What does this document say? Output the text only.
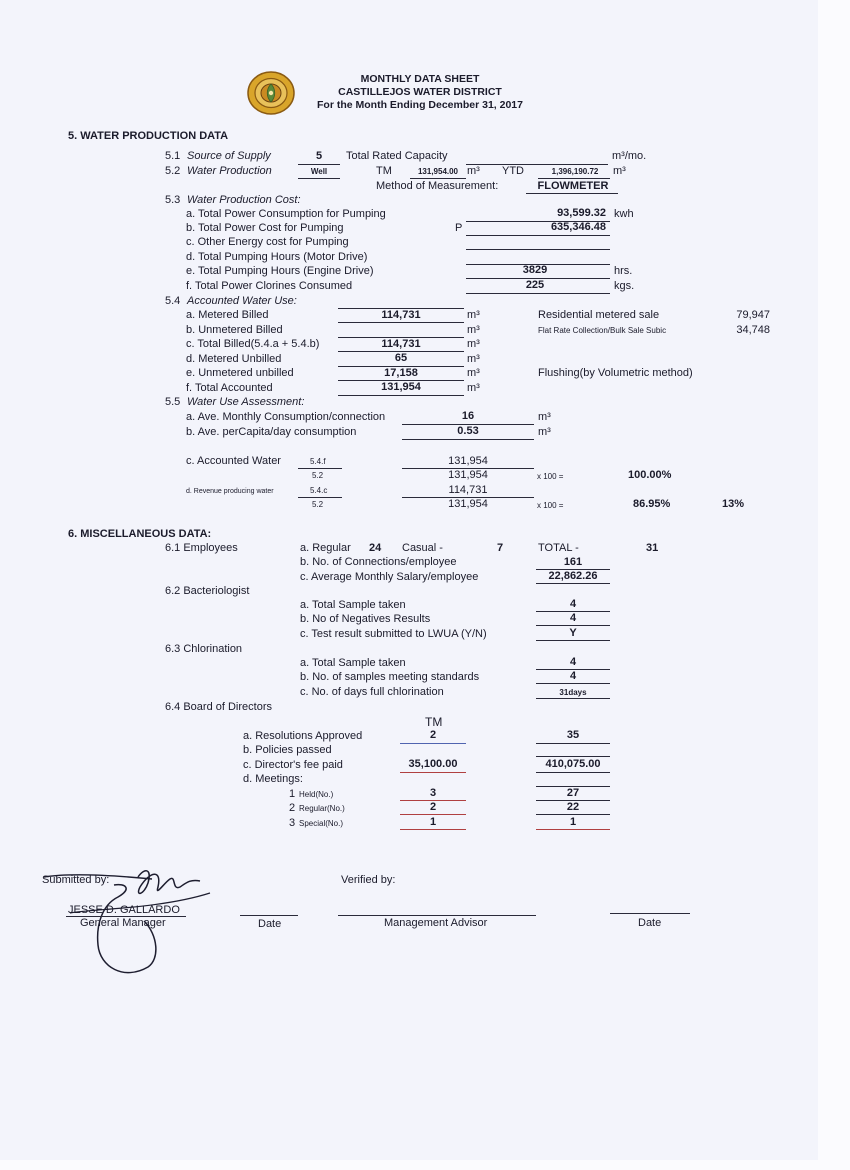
MONTHLY DATA SHEET
CASTILLEJOS WATER DISTRICT
For the Month Ending December 31, 2017
5. WATER PRODUCTION DATA
5.1 Source of Supply	5	Total Rated Capacity	m³/mo.
5.2 Water Production	Well	TM	131,954.00 m³ YTD	1,396,190.72	m³
Method of Measurement:	FLOWMETER
5.3 Water Production Cost:
a. Total Power Consumption for Pumping	93,599.32 kwh
b. Total Power Cost for Pumping	P	635,346.48
c. Other Energy cost for Pumping
d. Total Pumping Hours (Motor Drive)
e. Total Pumping Hours (Engine Drive)	3829	hrs.
f. Total Power Clorines Consumed	225	kgs.
5.4 Accounted Water Use:
a. Metered Billed	114,731	m³
b. Unmetered Billed	m³
c. Total Billed(5.4.a + 5.4.b)	114,731	m³
d. Metered Unbilled	65	m³
e. Unmetered unbilled	17,158	m³
f. Total Accounted	131,954	m³
Residential metered sale	79,947
Flat Rate Collection/Bulk Sale Subic	34,748
Flushing(by Volumetric method)
5.5 Water Use Assessment:
a. Ave. Monthly Consumption/connection	16	m³
b. Ave. perCapita/day consumption	0.53	m³
c. Accounted Water	5.4.f
5.2
131,954
131,954	x 100 =	100.00%
d. Revenue producing water	5.4.c
5.2
114,731
131,954	x 100 =	86.95%	13%
6. MISCELLANEOUS DATA:
6.1 Employees	a. Regular 24 Casual -	7	TOTAL -	31
b. No. of Connections/employee	161
c. Average Monthly Salary/employee	22,862.26
6.2 Bacteriologist
a. Total Sample taken	4
b. No of Negatives Results	4
c. Test result submitted to LWUA (Y/N)	Y
6.3 Chlorination
a. Total Sample taken	4
b. No. of samples meeting standards	4
c. No. of days full chlorination	31days
6.4 Board of Directors
TM
a. Resolutions Approved	2	35
b. Policies passed
c. Director's fee paid	35,100.00	410,075.00
d. Meetings:
1 Held(No.)	3	27
2 Regular(No.)	2	22
3 Special(No.)	1	1
Submitted by:
JESSE D. GALLARDO
General Manager	Date
Verified by:
Management Advisor	Date
